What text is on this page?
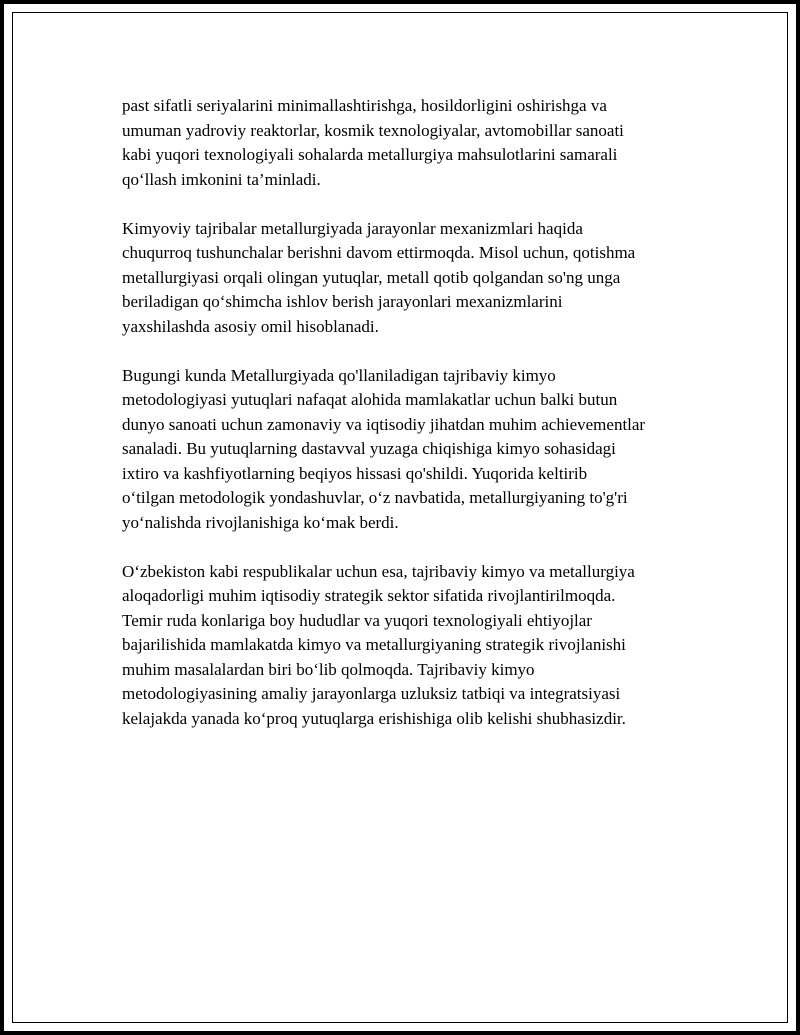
past sifatli seriyalarini minimallashtirishga, hosildorligini oshirishga va
umuman yadroviy reaktorlar, kosmik texnologiyalar, avtomobillar sanoati
kabi yuqori texnologiyali sohalarda metallurgiya mahsulotlarini samarali
qo‘llash imkonini ta’minladi.

Kimyoviy tajribalar metallurgiyada jarayonlar mexanizmlari haqida
chuqurroq tushunchalar berishni davom ettirmoqda. Misol uchun, qotishma
metallurgiyasi orqali olingan yutuqlar, metall qotib qolgandan so'ng unga
beriladigan qo‘shimcha ishlov berish jarayonlari mexanizmlarini
yaxshilashda asosiy omil hisoblanadi.

Bugungi kunda Metallurgiyada qo'llaniladigan tajribaviy kimyo
metodologiyasi yutuqlari nafaqat alohida mamlakatlar uchun balki butun
dunyo sanoati uchun zamonaviy va iqtisodiy jihatdan muhim achievementlar
sanaladi. Bu yutuqlarning dastavval yuzaga chiqishiga kimyo sohasidagi
ixtiro va kashfiyotlarning beqiyos hissasi qo'shildi. Yuqorida keltirib
o‘tilgan metodologik yondashuvlar, o‘z navbatida, metallurgiyaning to'g'ri
yo‘nalishda rivojlanishiga ko‘mak berdi.

O‘zbekiston kabi respublikalar uchun esa, tajribaviy kimyo va metallurgiya
aloqadorligi muhim iqtisodiy strategik sektor sifatida rivojlantirilmoqda.
Temir ruda konlariga boy hududlar va yuqori texnologiyali ehtiyojlar
bajarilishida mamlakatda kimyo va metallurgiyaning strategik rivojlanishi
muhim masalalardan biri bo‘lib qolmoqda. Tajribaviy kimyo
metodologiyasining amaliy jarayonlarga uzluksiz tatbiqi va integratsiyasi
kelajakda yanada ko‘proq yutuqlarga erishishiga olib kelishi shubhasizdir.
